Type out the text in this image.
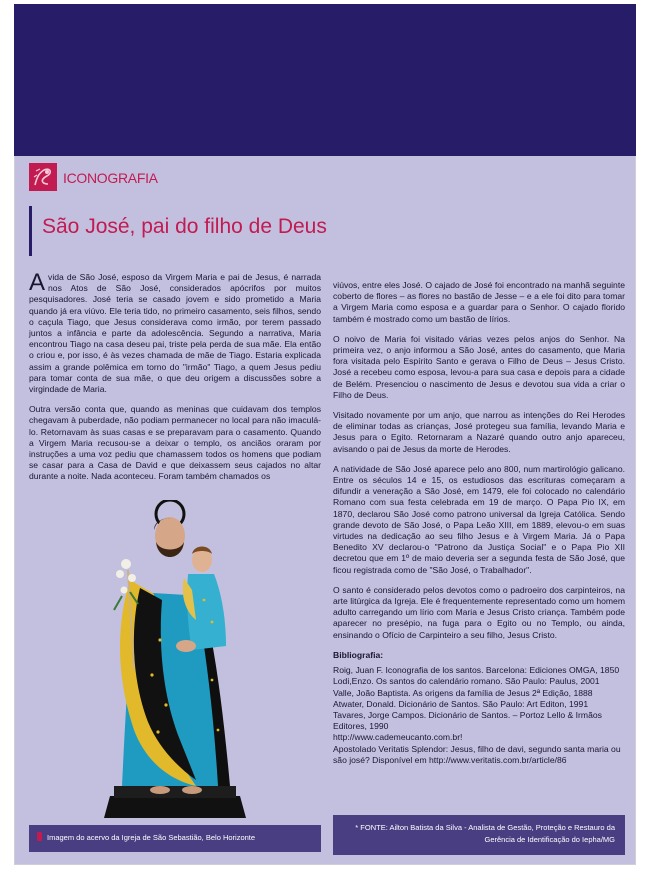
ICONOGRAFIA
São José, pai do filho de Deus

A vida de São José, esposo da Virgem Maria e pai de Jesus, é narrada nos Atos de São José, considerados apócrifos por muitos pesquisadores. José teria se casado jovem e sido prometido a Maria quando já era viúvo. Ele teria tido, no primeiro casamento, seis filhos, sendo o caçula Tiago, que Jesus considerava como irmão, por terem passado juntos a infância e parte da adolescência. Segundo a narrativa, Maria encontrou Tiago na casa deseu pai, triste pela perda de sua mãe. Ela então o criou e, por isso, é às vezes chamada de mãe de Tiago. Estaria explicada assim a grande polêmica em torno do "irmão" Tiago, a quem Jesus pediu para tomar conta de sua mãe, o que deu origem a discussões sobre a virgindade de Maria.

Outra versão conta que, quando as meninas que cuidavam dos templos chegavam à puberdade, não podiam permanecer no local para não imaculá-lo. Retornavam às suas casas e se preparavam para o casamento. Quando a Virgem Maria recusou-se a deixar o templo, os anciãos oraram por instruções a uma voz pediu que chamassem todos os homens que podiam se casar para a Casa de David e que deixassem seus cajados no altar durante a noite. Nada aconteceu. Foram também chamados os

viúvos, entre eles José. O cajado de José foi encontrado na manhã seguinte coberto de flores – as flores no bastão de Jesse – e a ele foi dito para tomar a Virgem Maria como esposa e a guardar para o Senhor. O cajado florido também é mostrado como um bastão de lírios.

O noivo de Maria foi visitado várias vezes pelos anjos do Senhor. Na primeira vez, o anjo informou a São José, antes do casamento, que Maria fora visitada pelo Espírito Santo e gerava o Filho de Deus – Jesus Cristo. José a recebeu como esposa, levou-a para sua casa e depois para a cidade de Belém. Presenciou o nascimento de Jesus e devotou sua vida a criar o Filho de Deus.

Visitado novamente por um anjo, que narrou as intenções do Rei Herodes de eliminar todas as crianças, José protegeu sua família, levando Maria e Jesus para o Egito. Retornaram a Nazaré quando outro anjo apareceu, avisando o pai de Jesus da morte de Herodes.

A natividade de São José aparece pelo ano 800, num martirológio galicano. Entre os séculos 14 e 15, os estudiosos das escrituras começaram a difundir a veneração a São José, em 1479, ele foi colocado no calendário Romano com sua festa celebrada em 19 de março. O Papa Pio IX, em 1870, declarou São José como patrono universal da Igreja Católica. Sendo grande devoto de São José, o Papa Leão XIII, em 1889, elevou-o em suas virtudes na dedicação ao seu filho Jesus e à Virgem Maria. Já o Papa Benedito XV declarou-o "Patrono da Justiça Social" e o Papa Pio XII decretou que em 1º de maio deveria ser a segunda festa de São José, que ficou registrada como de "São José, o Trabalhador".

O santo é considerado pelos devotos como o padroeiro dos carpinteiros, na arte litúrgica da Igreja. Ele é frequentemente representado como um homem adulto carregando um lírio com Maria e Jesus Cristo criança. Também pode aparecer no presépio, na fuga para o Egito ou no Templo, ou ainda, ensinando o Ofício de Carpinteiro a seu filho, Jesus Cristo.

Bibliografia:
Roig, Juan F. Iconografia de los santos. Barcelona: Ediciones OMGA, 1850
Lodi,Enzo. Os santos do calendário romano. São Paulo: Paulus, 2001
Valle, João Baptista. As origens da família de Jesus 2ª Edição, 1888
Atwater, Donald. Dicionário de Santos. São Paulo: Art Editon, 1991
Tavares, Jorge Campos. Dicionário de Santos. – Portoz Lello & Irmãos Editores, 1990
http://www.cademeucanto.com.br!
Apostolado Veritatis Splendor: Jesus, filho de davi, segundo santa maria ou são josé? Disponível em http://www.veritatis.com.br/article/86
Imagem do acervo da Igreja de São Sebastião, Belo Horizonte
* FONTE: Ailton Batista da Silva - Analista de Gestão, Proteção e Restauro da Gerência de Identificação do Iepha/MG
